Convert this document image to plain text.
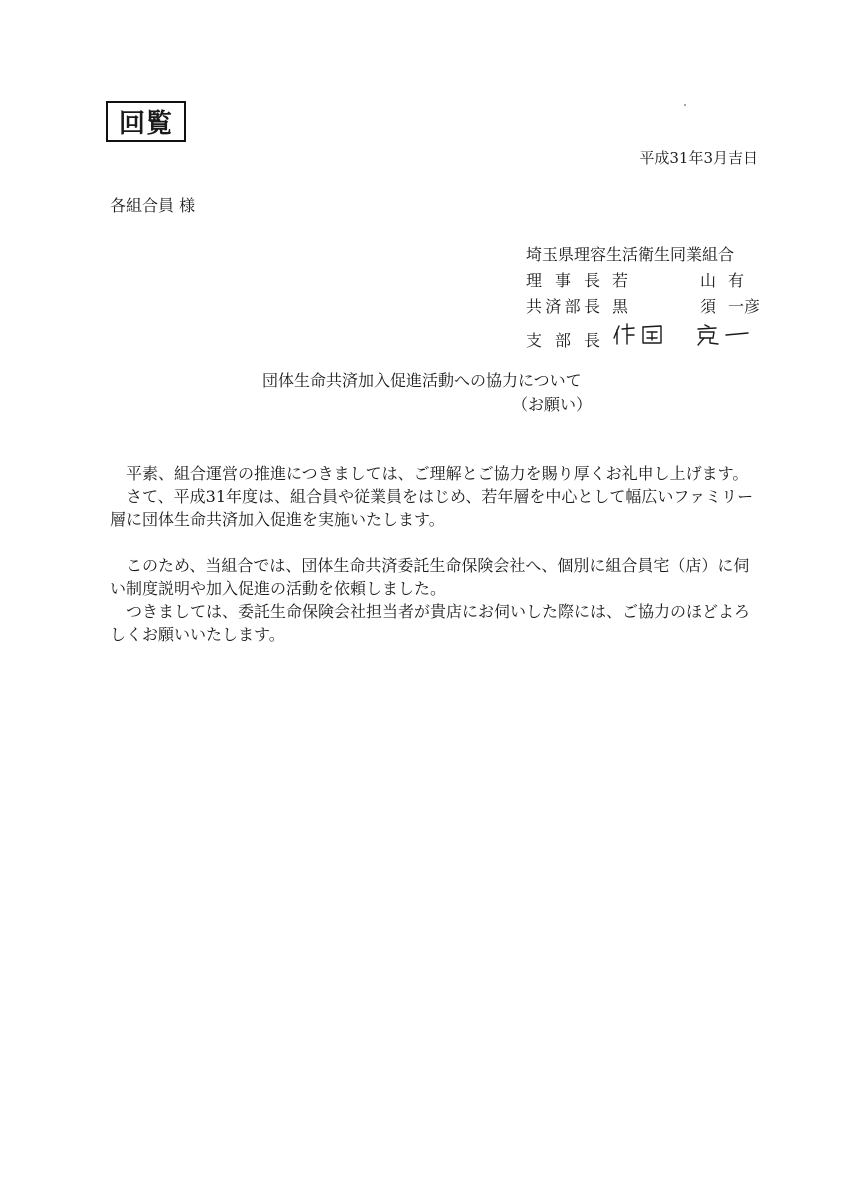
回覧
平成31年3月吉日
各組合員 様
埼玉県理容生活衛生同業組合
理事長 若山 有
共済部長 黒須 一彦
支部長
団体生命共済加入促進活動への協力について
（お願い）

平素、組合運営の推進につきましては、ご理解とご協力を賜り厚くお礼申し上げます。

さて、平成31年度は、組合員や従業員をはじめ、若年層を中心として幅広いファミリー層に団体生命共済加入促進を実施いたします。

このため、当組合では、団体生命共済委託生命保険会社へ、個別に組合員宅（店）に伺い制度説明や加入促進の活動を依頼しました。

つきましては、委託生命保険会社担当者が貴店にお伺いした際には、ご協力のほどよろしくお願いいたします。
